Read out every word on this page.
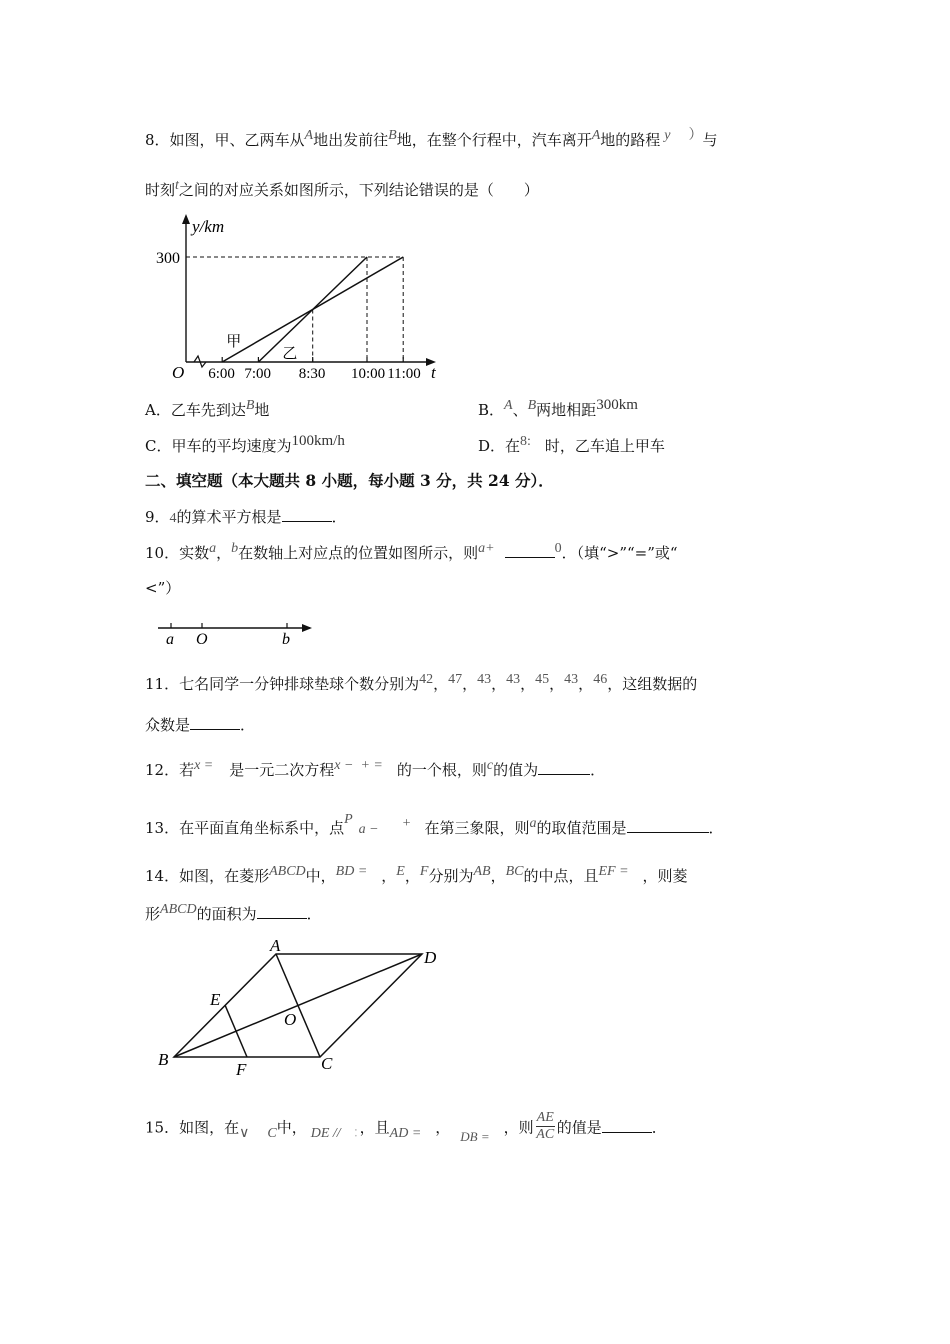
8．如图，甲、乙两车从A地出发前往B地，在整个行程中，汽车离开A地的路程 y ）与
时刻t之间的对应关系如图所示，下列结论错误的是（　　）
y/km
O	t
300
6:00 7:00 8:30 10:00 11:00
甲
乙
A．乙车先到达B地	B．A、B两地相距300km
C．甲车的平均速度为100km/h	D．在8: 时，乙车追上甲车
二、填空题（本大题共 8 小题，每小题 3 分，共 24 分）．
9．4的算术平方根是	．
10．实数a，b在数轴上对应点的位置如图所示，则a+	0．（填“>”“=”或“
<”）
a O	b
11．七名同学一分钟排球垫球个数分别为42，47，43，43，45，43，46，这组数据的
众数是	．
12．若x = 是一元二次方程x −  + = 的一个根，则c的值为	．
13．在平面直角坐标系中，点Pa − + 在第三象限，则a的取值范围是	．
14．如图，在菱形ABCD中，BD = ，E，F分别为AB，BC的中点，且EF = ，则菱
形ABCD的面积为	．
A
D
E
O
B
F	C
15．如图，在∨ C中， DE // ：，且AD = ， DB = ，则 $\frac{AE}{AC}$ 的值是	．
